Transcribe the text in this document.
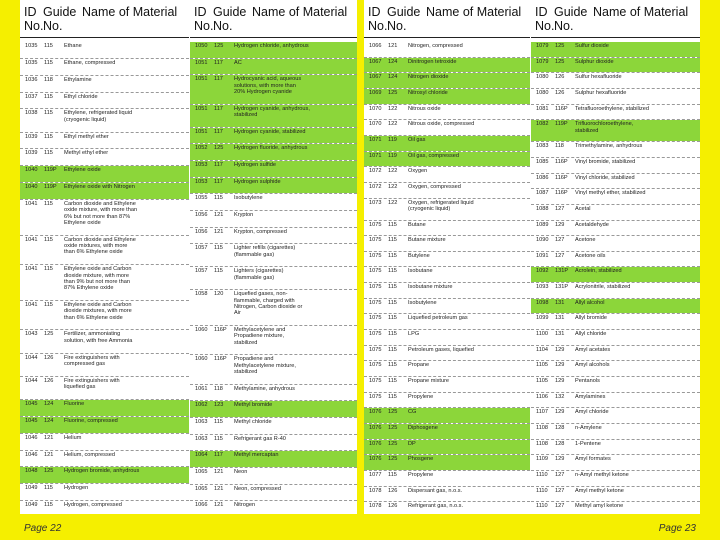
ID Guide Name of Material
No. No.
1035 115 Ethane
1035 115 Ethane, compressed
1036 118 Ethylamine
1037 115 Ethyl chloride
1038 115 Ethylene, refrigerated liquid
(cryogenic liquid)
1039 115 Ethyl methyl ether
1039 115 Methyl ethyl ether
1040 119P Ethylene oxide
1040 119P Ethylene oxide with Nitrogen
1041 115 Carbon dioxide and Ethylene
oxide mixture, with more than
6% but not more than 87%
Ethylene oxide
1041 115 Carbon dioxide and Ethylene
oxide mixtures, with more
than 6% Ethylene oxide
1041 115 Ethylene oxide and Carbon
dioxide mixture, with more
than 9% but not more than
87% Ethylene oxide
1041 115 Ethylene oxide and Carbon
dioxide mixtures, with more
than 6% Ethylene oxide
1043 125 Fertilizer, ammoniating
solution, with free Ammonia
1044 126 Fire extinguishers with
compressed gas
1044 126 Fire extinguishers with
liquefied gas
1045 124 Fluorine
1045 124 Fluorine, compressed
1046 121 Helium
1046 121 Helium, compressed
1048 125 Hydrogen bromide, anhydrous
1049 115 Hydrogen
1049 115 Hydrogen, compressed
ID Guide Name of Material
No. No.
1050 125 Hydrogen chloride, anhydrous
1051 117 AC
1051 117 Hydrocyanic acid, aqueous
solutions, with more than
20% Hydrogen cyanide
1051 117 Hydrogen cyanide, anhydrous,
stabilized
1051 117 Hydrogen cyanide, stabilized
1052 125 Hydrogen fluoride, anhydrous
1053 117 Hydrogen sulfide
1053 117 Hydrogen sulphide
1055 115 Isobutylene
1056 121 Krypton
1056 121 Krypton, compressed
1057 115 Lighter refills (cigarettes)
(flammable gas)
1057 115 Lighters (cigarettes)
(flammable gas)
1058 120 Liquefied gases, non-
flammable, charged with
Nitrogen, Carbon dioxide or
Air
1060 116P Methylacetylene and
Propadiene mixture,
stabilized
1060 116P Propadiene and
Methylacetylene mixture,
stabilized
1061 118 Methylamine, anhydrous
1062 123 Methyl bromide
1063 115 Methyl chloride
1063 115 Refrigerant gas R-40
1064 117 Methyl mercaptan
1065 121 Neon
1065 121 Neon, compressed
1066 121 Nitrogen
ID Guide Name of Material
No. No.
1066 121 Nitrogen, compressed
1067 124 Dinitrogen tetroxide
1067 124 Nitrogen dioxide
1069 125 Nitrosyl chloride
1070 122 Nitrous oxide
1070 122 Nitrous oxide, compressed
1071 119 Oil gas
1071 119 Oil gas, compressed
1072 122 Oxygen
1072 122 Oxygen, compressed
1073 122 Oxygen, refrigerated liquid
(cryogenic liquid)
1075 115 Butane
1075 115 Butane mixture
1075 115 Butylene
1075 115 Isobutane
1075 115 Isobutane mixture
1075 115 Isobutylene
1075 115 Liquefied petroleum gas
1075 115 LPG
1075 115 Petroleum gases, liquefied
1075 115 Propane
1075 115 Propane mixture
1075 115 Propylene
1076 125 CG
1076 125 Diphosgene
1076 125 DP
1076 125 Phosgene
1077 115 Propylene
1078 126 Dispersant gas, n.o.s.
1078 126 Refrigerant gas, n.o.s.
ID Guide Name of Material
No. No.
1079 125 Sulfur dioxide
1079 125 Sulphur dioxide
1080 126 Sulfur hexafluoride
1080 126 Sulphur hexafluoride
1081 116P Tetrafluoroethylene, stabilized
1082 119P Trifluorochloroethylene,
stabilized
1083 118 Trimethylamine, anhydrous
1085 116P Vinyl bromide, stabilized
1086 116P Vinyl chloride, stabilized
1087 116P Vinyl methyl ether, stabilized
1088 127 Acetal
1089 129 Acetaldehyde
1090 127 Acetone
1091 127 Acetone oils
1092 131P Acrolein, stabilized
1093 131P Acrylonitrile, stabilized
1098 131 Allyl alcohol
1099 131 Allyl bromide
1100 131 Allyl chloride
1104 129 Amyl acetates
1105 129 Amyl alcohols
1105 129 Pentanols
1106 132 Amylamines
1107 129 Amyl chloride
1108 128 n-Amylene
1108 128 1-Pentene
1109 129 Amyl formates
1110 127 n-Amyl methyl ketone
1110 127 Amyl methyl ketone
1110 127 Methyl amyl ketone
Page 22	Page 23
